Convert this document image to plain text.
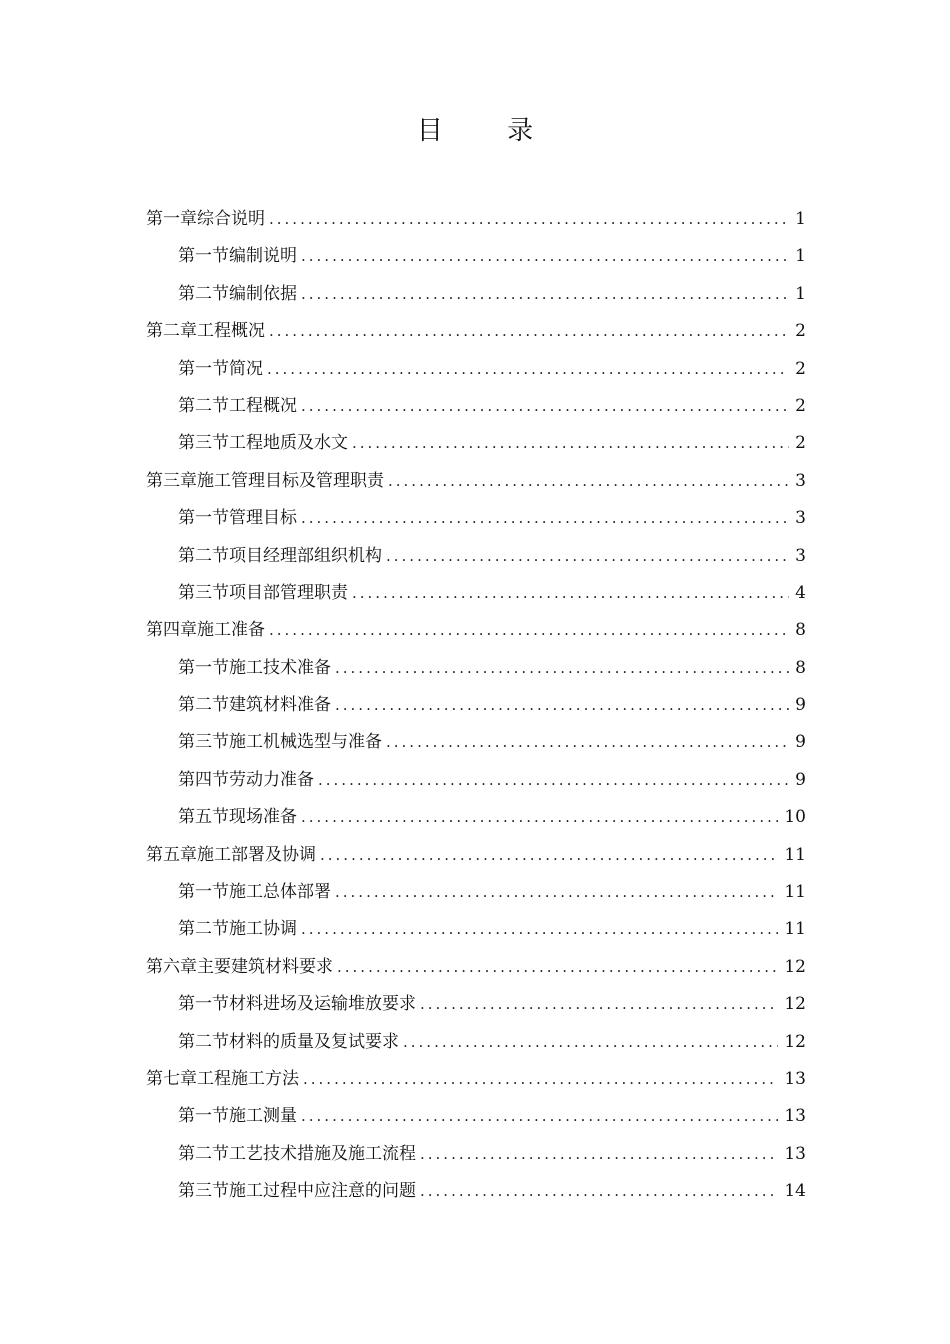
目 录
第一章 综合说明 .....	1
第一节 编制说明 .....	1
第二节 编制依据 .....	1
第二章 工程概况 .....	2
第一节 简况 .....	2
第二节 工程概况 .....	2
第三节 工程地质及水文 .....	2
第三章 施工管理目标及管理职责 .....	3
第一节 管理目标 .....	3
第二节 项目经理部组织机构 .....	3
第三节 项目部管理职责 .....	4
第四章 施工准备 .....	8
第一节 施工技术准备 .....	8
第二节 建筑材料准备 .....	9
第三节 施工机械选型与准备 .....	9
第四节 劳动力准备 .....	9
第五节 现场准备 .....	10
第五章 施工部署及协调 .....	11
第一节 施工总体部署 .....	11
第二节 施工协调 .....	11
第六章 主要建筑材料要求 .....	12
第一节 材料进场及运输堆放要求 .....	12
第二节 材料的质量及复试要求 .....	12
第七章 工程施工方法 .....	13
第一节 施工测量 .....	13
第二节 工艺技术措施及施工流程 .....	13
第三节 施工过程中应注意的问题 .....	14
